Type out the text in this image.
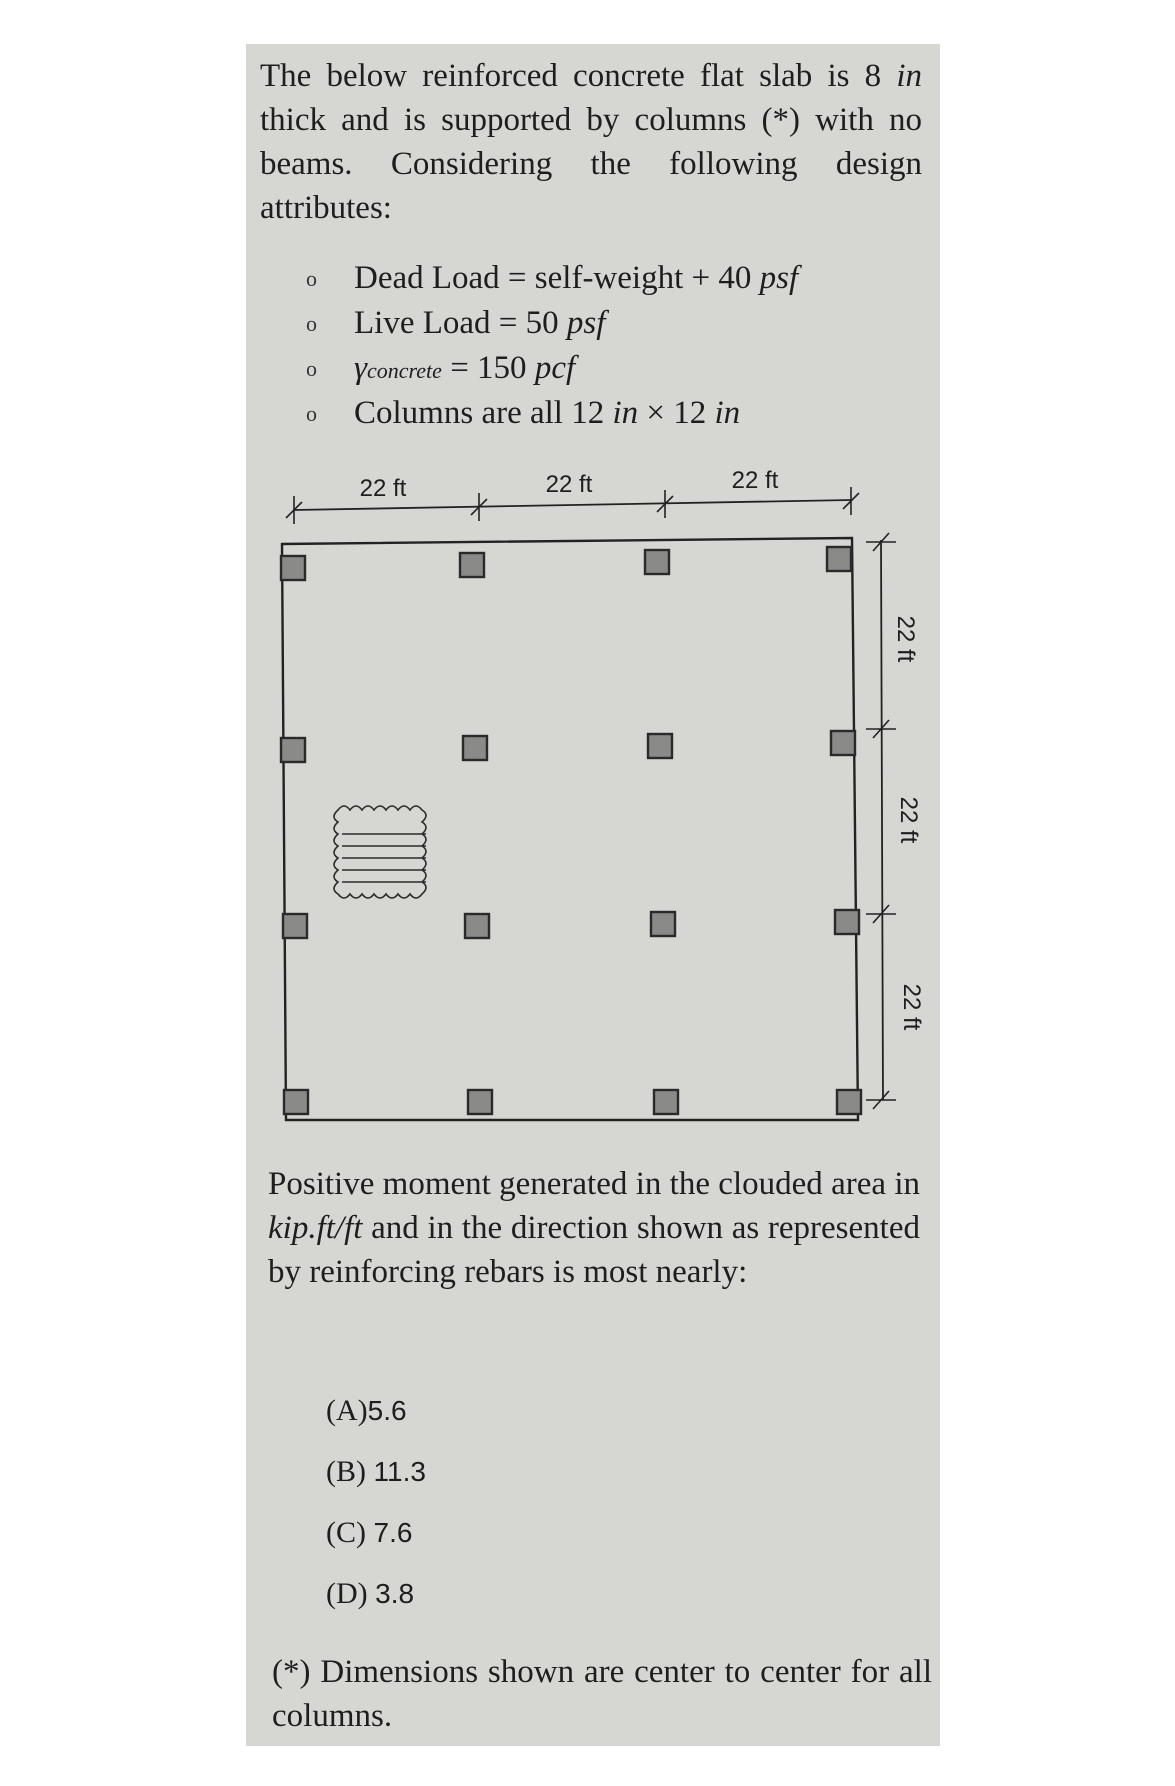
The below reinforced concrete flat slab is 8 in thick and is supported by columns (*) with no beams. Considering the following design attributes:

o Dead Load = self-weight + 40 psf
o Live Load = 50 psf
o γconcrete = 150 pcf
o Columns are all 12 in × 12 in
22 ft	22 ft	22 ft
22 ft
22 ft
22 ft

Positive moment generated in the clouded area in kip.ft/ft and in the direction shown as represented by reinforcing rebars is most nearly:

(A)5.6
(B) 11.3
(C) 7.6
(D) 3.8

(*) Dimensions shown are center to center for all columns.
